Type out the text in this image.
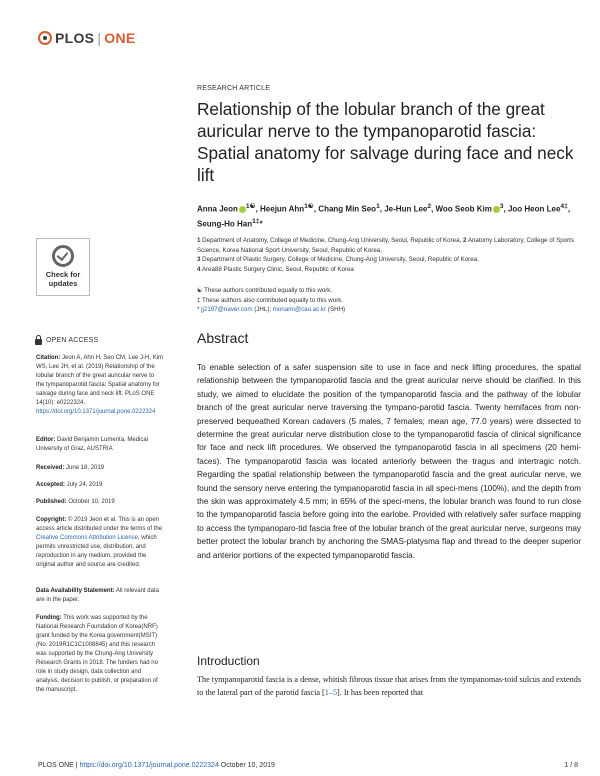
PLOS | ONE
RESEARCH ARTICLE
Relationship of the lobular branch of the great auricular nerve to the tympanoparotid fascia: Spatial anatomy for salvage during face and neck lift
Anna Jeon $^{1☯}$, Heejun Ahn$^{1☯}$, Chang Min Seo$^1$, Je-Hun Lee$^2$, Woo Seob Kim $^3$, Joo Heon Lee$^{4\ddagger}$, Seung-Ho Han$^{1\ddagger}$*
1 Department of Anatomy, College of Medicine, Chung-Ang University, Seoul, Republic of Korea, 2 Anatomy Laboratory, College of Sports Science, Korea National Sport University, Seoul, Republic of Korea,
3 Department of Plastic Surgery, College of Medicine, Chung-Ang University, Seoul, Republic of Korea,
4 Area88 Plastic Surgery Clinic, Seoul, Republic of Korea
☯ These authors contributed equally to this work.
‡ These authors also contributed equally to this work.
* jj2197@naver.com (JHL); monami@cau.ac.kr (SHH)
Check for
updates
OPEN ACCESS
Citation: Jeon A, Ahn H, Seo CM, Lee J-H, Kim WS, Lee JH, et al. (2019) Relationship of the lobular branch of the great auricular nerve to the tympanoparotid fascia: Spatial anatomy for salvage during face and neck lift. PLoS ONE 14(10): e0222324. https://doi.org/10.1371/journal.pone.0222324
Editor: David Benjamin Lumenta, Medical University of Graz, AUSTRIA
Received: June 18, 2019
Accepted: July 24, 2019
Published: October 10, 2019
Copyright: © 2019 Jeon et al. This is an open access article distributed under the terms of the Creative Commons Attribution License, which permits unrestricted use, distribution, and reproduction in any medium, provided the original author and source are credited.
Data Availability Statement: All relevant data are in the paper.
Funding: This work was supported by the National Research Foundation of Korea(NRF) grant funded by the Korea government(MSIT) (No. 2019R1C1C1008845) and this research was supported by the Chung-Ang University Research Grants in 2018. The funders had no role in study design, data collection and analysis, decision to publish, or preparation of the manuscript.
Abstract
To enable selection of a safer suspension site to use in face and neck lifting procedures, the spatial relationship between the tympanoparotid fascia and the great auricular nerve should be clarified. In this study, we aimed to elucidate the position of the tympanoparotid fascia and the pathway of the lobular branch of the great auricular nerve traversing the tympano-parotid fascia. Twenty hemifaces from non-preserved bequeathed Korean cadavers (5 males, 7 females; mean age, 77.0 years) were dissected to determine the great auricular nerve distribution close to the tympanoparotid fascia of clinical significance for face and neck lift procedures. We observed the tympanoparotid fascia in all specimens (20 hemi-faces). The tympanoparotid fascia was located anteriorly between the tragus and intertragic notch. Regarding the spatial relationship between the tympanoparotid fascia and the great auricular nerve, we found the sensory nerve entering the tympanoparotid fascia in all speci-mens (100%), and the depth from the skin was approximately 4.5 mm; in 65% of the speci-mens, the lobular branch was found to run close to the tympanoparotid fascia before going into the earlobe. Provided with relatively safer surface mapping to access the tympanoparo-tid fascia free of the lobular branch of the great auricular nerve, surgeons may better protect the lobular branch by anchoring the SMAS-platysma flap and thread to the deeper superior and anterior portions of the expected tympanoparotid fascia.
Introduction
The tympanoparotid fascia is a dense, whitish fibrous tissue that arises from the tympanomas-toid sulcus and extends to the lateral part of the parotid fascia [1–5]. It has been reported that
PLOS ONE | https://doi.org/10.1371/journal.pone.0222324 October 10, 2019	1 / 8
